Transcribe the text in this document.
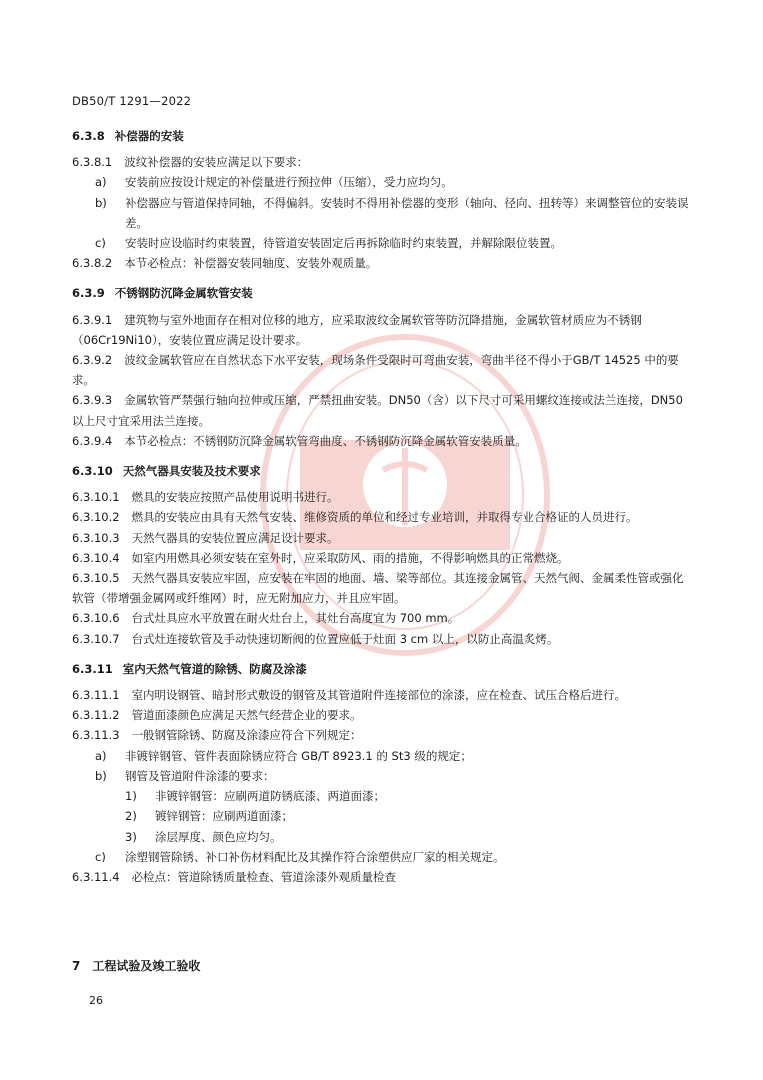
DB50/T 1291—2022
6.3.8 补偿器的安装
6.3.8.1 波纹补偿器的安装应满足以下要求：
a)	安装前应按设计规定的补偿量进行预拉伸（压缩），受力应均匀。
b)	补偿器应与管道保持同轴，不得偏斜。安装时不得用补偿器的变形（轴向、径向、扭转等）来调整管位的安装误差。
c)	安装时应设临时约束装置，待管道安装固定后再拆除临时约束装置，并解除限位装置。
6.3.8.2 本节必检点：补偿器安装同轴度、安装外观质量。
6.3.9 不锈钢防沉降金属软管安装
6.3.9.1 建筑物与室外地面存在相对位移的地方，应采取波纹金属软管等防沉降措施，金属软管材质应为不锈钢（06Cr19Ni10），安装位置应满足设计要求。
6.3.9.2 波纹金属软管应在自然状态下水平安装，现场条件受限时可弯曲安装，弯曲半径不得小于GB/T 14525 中的要求。
6.3.9.3 金属软管严禁强行轴向拉伸或压缩，严禁扭曲安装。DN50（含）以下尺寸可采用螺纹连接或法兰连接，DN50 以上尺寸宜采用法兰连接。
6.3.9.4 本节必检点：不锈钢防沉降金属软管弯曲度、不锈钢防沉降金属软管安装质量。
6.3.10 天然气器具安装及技术要求
6.3.10.1 燃具的安装应按照产品使用说明书进行。
6.3.10.2 燃具的安装应由具有天然气安装、维修资质的单位和经过专业培训，并取得专业合格证的人员进行。
6.3.10.3 天然气器具的安装位置应满足设计要求。
6.3.10.4 如室内用燃具必须安装在室外时，应采取防风、雨的措施，不得影响燃具的正常燃烧。
6.3.10.5 天然气器具安装应牢固，应安装在牢固的地面、墙、梁等部位。其连接金属管、天然气阀、金属柔性管或强化软管（带增强金属网或纤维网）时，应无附加应力，并且应牢固。
6.3.10.6 台式灶具应水平放置在耐火灶台上，其灶台高度宜为 700 mm。
6.3.10.7 台式灶连接软管及手动快速切断阀的位置应低于灶面 3 cm 以上，以防止高温炙烤。
6.3.11 室内天然气管道的除锈、防腐及涂漆
6.3.11.1 室内明设钢管、暗封形式敷设的钢管及其管道附件连接部位的涂漆，应在检查、试压合格后进行。
6.3.11.2 管道面漆颜色应满足天然气经营企业的要求。
6.3.11.3 一般钢管除锈、防腐及涂漆应符合下列规定：
a)	非镀锌钢管、管件表面除锈应符合 GB/T 8923.1 的 St3 级的规定；
b)	钢管及管道附件涂漆的要求：
1)	非镀锌钢管：应刷两道防锈底漆、两道面漆；
2)	镀锌钢管：应刷两道面漆；
3)	涂层厚度、颜色应均匀。
c)	涂塑钢管除锈、补口补伤材料配比及其操作符合涂塑供应厂家的相关规定。
6.3.11.4 必检点：管道除锈质量检查、管道涂漆外观质量检查
7 工程试验及竣工验收
26
